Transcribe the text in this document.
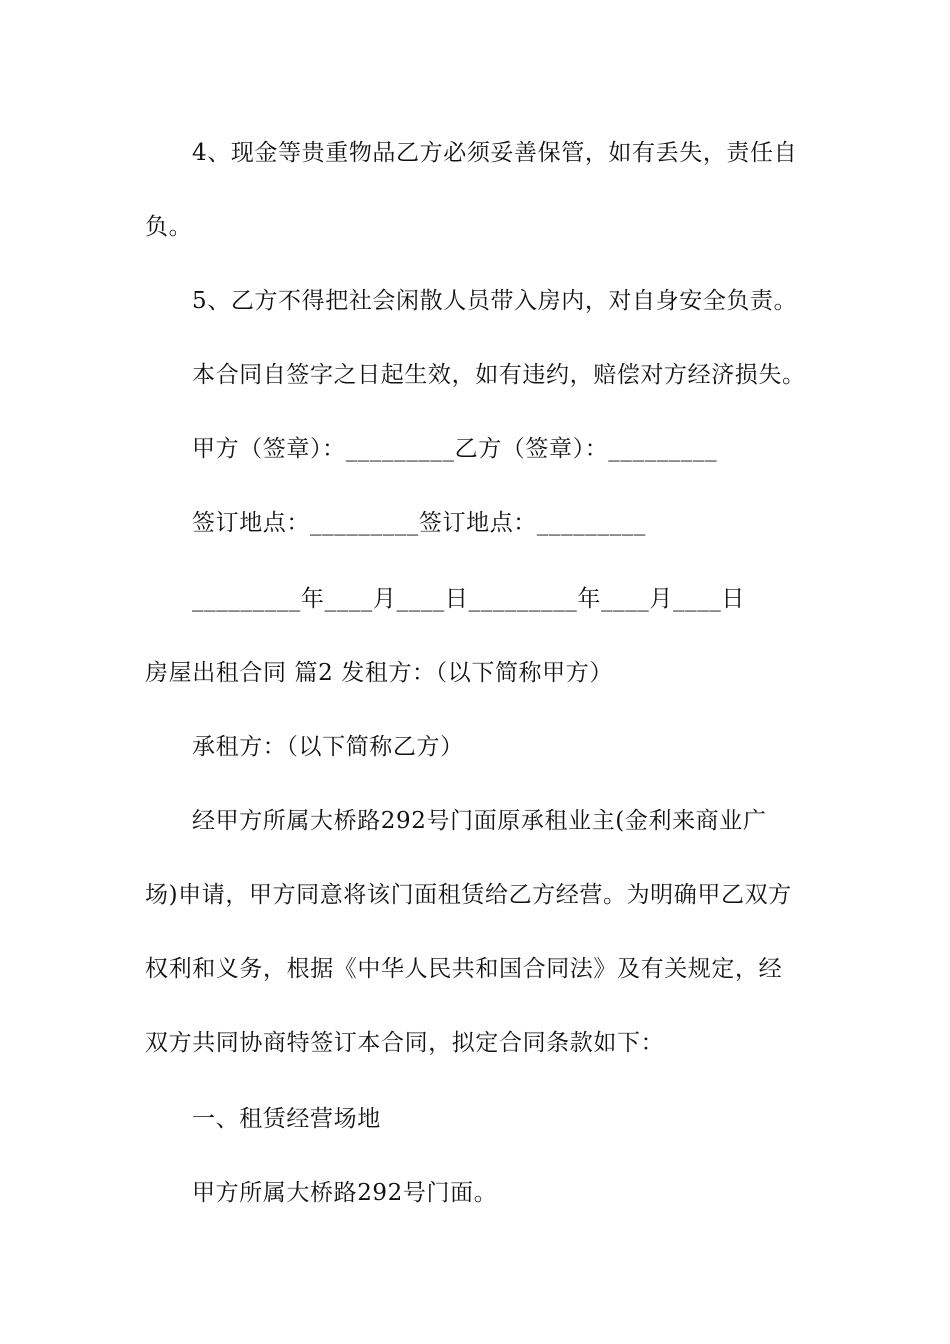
4、现金等贵重物品乙方必须妥善保管，如有丢失，责任自
负。
5、乙方不得把社会闲散人员带入房内，对自身安全负责。
本合同自签字之日起生效，如有违约，赔偿对方经济损失。
甲方（签章）：_________乙方（签章）：_________
签订地点：_________签订地点：_________
_________年____月____日_________年____月____日
房屋出租合同 篇2 发租方：（以下简称甲方）
承租方：（以下简称乙方）
经甲方所属大桥路292号门面原承租业主(金利来商业广
场)申请，甲方同意将该门面租赁给乙方经营。为明确甲乙双方
权利和义务，根据《中华人民共和国合同法》及有关规定，经
双方共同协商特签订本合同，拟定合同条款如下：
一、租赁经营场地
甲方所属大桥路292号门面。
